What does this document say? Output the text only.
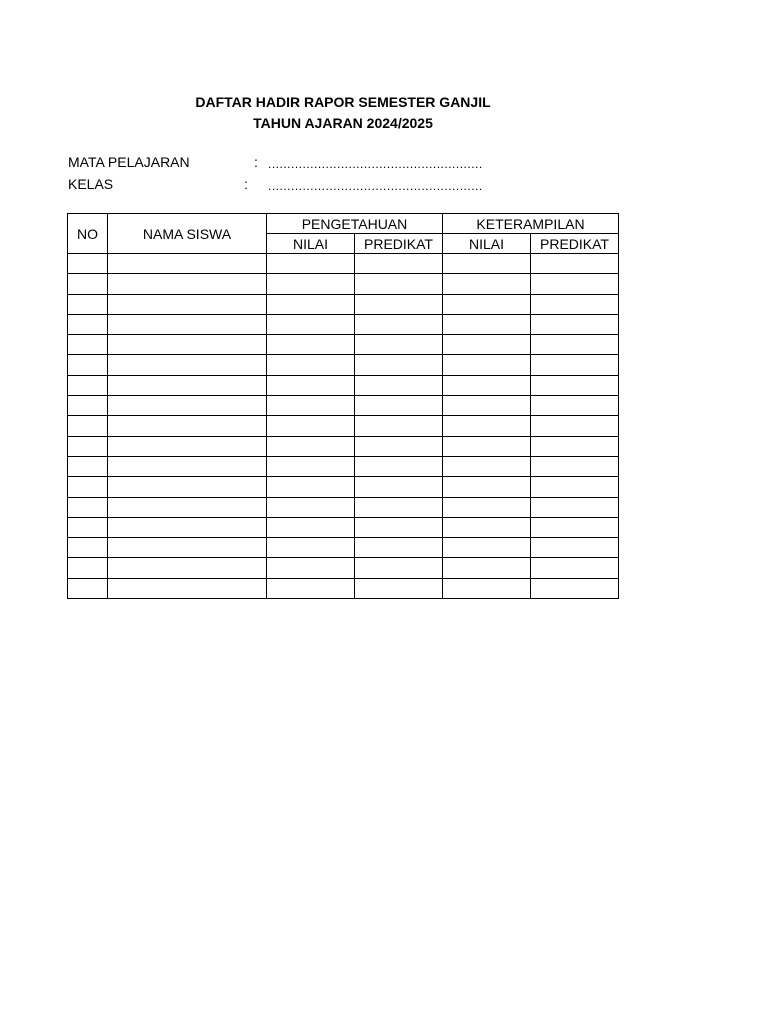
DAFTAR HADIR RAPOR SEMESTER GANJIL
TAHUN AJARAN 2024/2025
MATA PELAJARAN	: ........................................................
KELAS	: ........................................................
NO	NAMA SISWA	PENGETAHUAN		KETERAMPILAN	
		NILAI	PREDIKAT	NILAI	PREDIKAT
